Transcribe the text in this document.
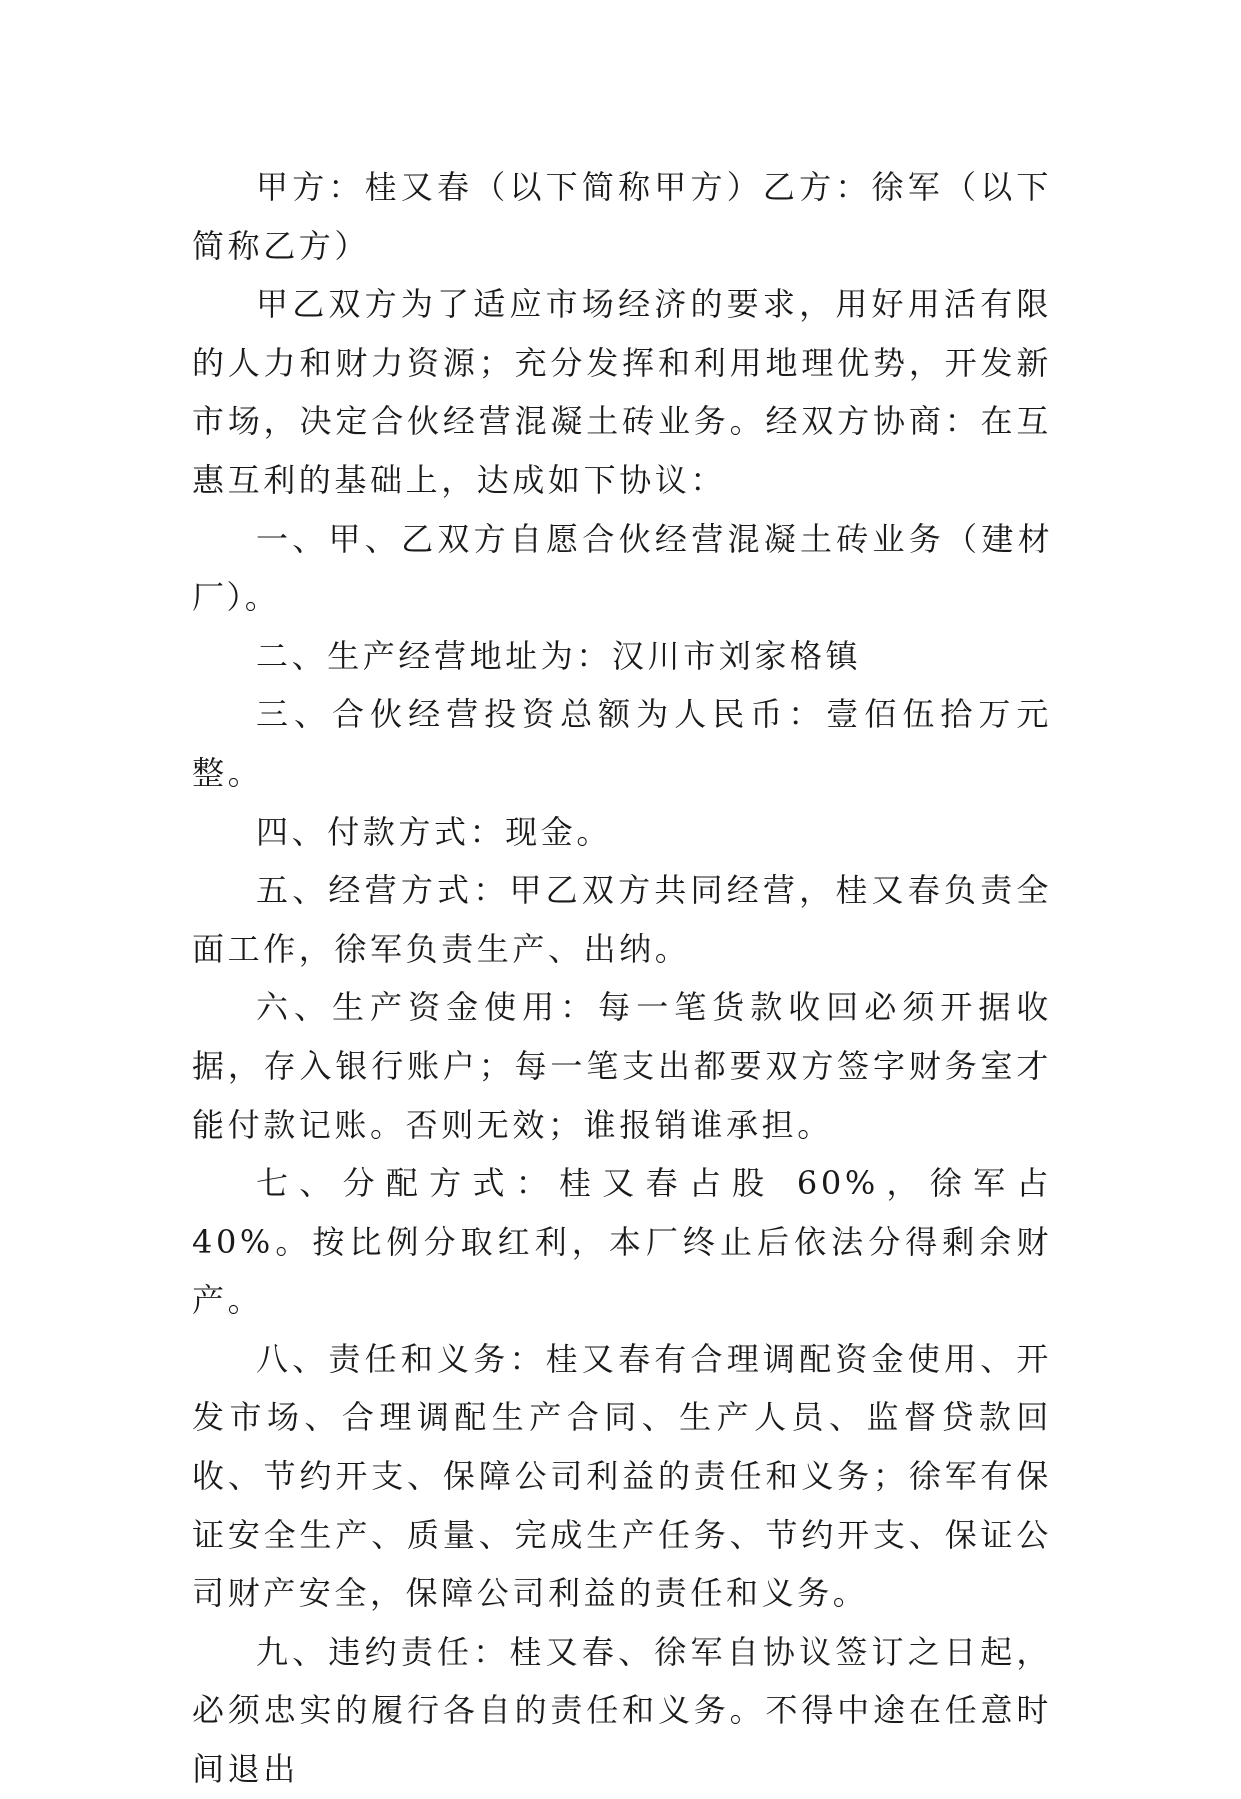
甲方：桂又春（以下简称甲方）乙方：徐军（以下简称乙方）

甲乙双方为了适应市场经济的要求，用好用活有限的人力和财力资源；充分发挥和利用地理优势，开发新市场，决定合伙经营混凝土砖业务。经双方协商：在互惠互利的基础上，达成如下协议：

一、甲、乙双方自愿合伙经营混凝土砖业务（建材厂）。

二、生产经营地址为：汉川市刘家格镇

三、合伙经营投资总额为人民币：壹佰伍拾万元整。

四、付款方式：现金。

五、经营方式：甲乙双方共同经营，桂又春负责全面工作，徐军负责生产、出纳。

六、生产资金使用：每一笔货款收回必须开据收据，存入银行账户；每一笔支出都要双方签字财务室才能付款记账。否则无效；谁报销谁承担。

七、分配方式：桂又春占股 60%，徐军占 40%。按比例分取红利，本厂终止后依法分得剩余财产。

八、责任和义务：桂又春有合理调配资金使用、开发市场、合理调配生产合同、生产人员、监督贷款回收、节约开支、保障公司利益的责任和义务；徐军有保证安全生产、质量、完成生产任务、节约开支、保证公司财产安全，保障公司利益的责任和义务。

九、违约责任：桂又春、徐军自协议签订之日起，必须忠实的履行各自的责任和义务。不得中途在任意时间退出
